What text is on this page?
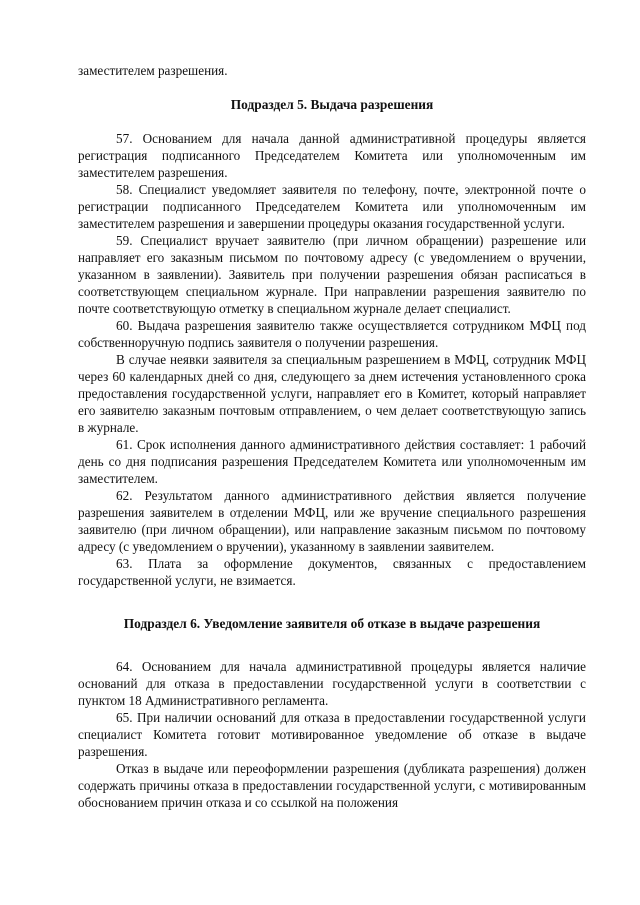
заместителем разрешения.

Подраздел 5. Выдача разрешения

57. Основанием для начала данной административной процедуры является регистрация подписанного Председателем Комитета или уполномоченным им заместителем разрешения.

58. Специалист уведомляет заявителя по телефону, почте, электронной почте о регистрации подписанного Председателем Комитета или уполномоченным им заместителем разрешения и завершении процедуры оказания государственной услуги.

59. Специалист вручает заявителю (при личном обращении) разрешение или направляет его заказным письмом по почтовому адресу (с уведомлением о вручении, указанном в заявлении). Заявитель при получении разрешения обязан расписаться в соответствующем специальном журнале. При направлении разрешения заявителю по почте соответствующую отметку в специальном журнале делает специалист.

60. Выдача разрешения заявителю также осуществляется сотрудником МФЦ под собственноручную подпись заявителя о получении разрешения.

В случае неявки заявителя за специальным разрешением в МФЦ, сотрудник МФЦ через 60 календарных дней со дня, следующего за днем истечения установленного срока предоставления государственной услуги, направляет его в Комитет, который направляет его заявителю заказным почтовым отправлением, о чем делает соответствующую запись в журнале.

61. Срок исполнения данного административного действия составляет: 1 рабочий день со дня подписания разрешения Председателем Комитета или уполномоченным им заместителем.

62. Результатом данного административного действия является получение разрешения заявителем в отделении МФЦ, или же вручение специального разрешения заявителю (при личном обращении), или направление заказным письмом по почтовому адресу (с уведомлением о вручении), указанному в заявлении заявителем.

63. Плата за оформление документов, связанных с предоставлением государственной услуги, не взимается.

Подраздел 6. Уведомление заявителя об отказе в выдаче разрешения

64. Основанием для начала административной процедуры является наличие оснований для отказа в предоставлении государственной услуги в соответствии с пунктом 18 Административного регламента.

65. При наличии оснований для отказа в предоставлении государственной услуги специалист Комитета готовит мотивированное уведомление об отказе в выдаче разрешения.

Отказ в выдаче или переоформлении разрешения (дубликата разрешения) должен содержать причины отказа в предоставлении государственной услуги, с мотивированным обоснованием причин отказа и со ссылкой на положения
